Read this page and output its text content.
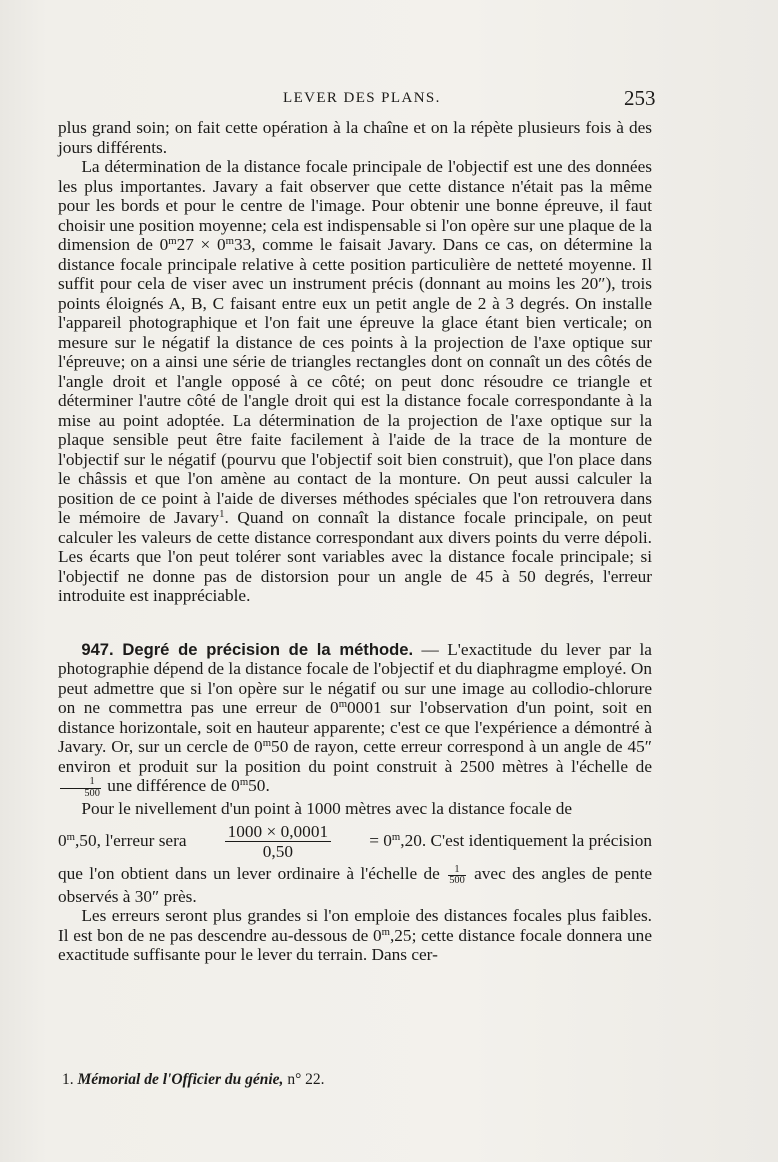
LEVER DES PLANS.	253

plus grand soin; on fait cette opération à la chaîne et on la répète plusieurs fois à des jours différents.

La détermination de la distance focale principale de l'objectif est une des données les plus importantes. Javary a fait observer que cette distance n'était pas la même pour les bords et pour le centre de l'image. Pour obtenir une bonne épreuve, il faut choisir une position moyenne; cela est indispensable si l'on opère sur une plaque de la dimension de $0^m27 \times 0^m33$, comme le faisait Javary. Dans ce cas, on détermine la distance focale principale relative à cette position particulière de netteté moyenne. Il suffit pour cela de viser avec un instrument précis (donnant au moins les 20″), trois points éloignés A, B, C faisant entre eux un petit angle de 2 à 3 degrés. On installe l'appareil photographique et l'on fait une épreuve la glace étant bien verticale; on mesure sur le négatif la distance de ces points à la projection de l'axe optique sur l'épreuve; on a ainsi une série de triangles rectangles dont on connaît un des côtés de l'angle droit et l'angle opposé à ce côté; on peut donc résoudre ce triangle et déterminer l'autre côté de l'angle droit qui est la distance focale correspondante à la mise au point adoptée. La détermination de la projection de l'axe optique sur la plaque sensible peut être faite facilement à l'aide de la trace de la monture de l'objectif sur le négatif (pourvu que l'objectif soit bien construit), que l'on place dans le châssis et que l'on amène au contact de la monture. On peut aussi calculer la position de ce point à l'aide de diverses méthodes spéciales que l'on retrouvera dans le mémoire de Javary$^1$. Quand on connaît la distance focale principale, on peut calculer les valeurs de cette distance correspondant aux divers points du verre dépoli. Les écarts que l'on peut tolérer sont variables avec la distance focale principale; si l'objectif ne donne pas de distorsion pour un angle de 45 à 50 degrés, l'erreur introduite est inappréciable.

947. Degré de précision de la méthode. — L'exactitude du lever par la photographie dépend de la distance focale de l'objectif et du diaphragme employé. On peut admettre que si l'on opère sur le négatif ou sur une image au collodio-chlorure on ne commettra pas une erreur de 0$^m$0001 sur l'observation d'un point, soit en distance horizontale, soit en hauteur apparente; c'est ce que l'expérience a démontré à Javary. Or, sur un cercle de 0$^m$50 de rayon, cette erreur correspond à un angle de 45″ environ et produit sur la position du point construit à 2500 mètres à l'échelle de
$\frac{1}{500}$ une différence de 0$^m$50.

Pour le nivellement d'un point à 1000 mètres avec la distance focale de

0$^m$,50, l'erreur sera $\frac{1000 \times 0,0001}{0,50} = 0^m,20$. C'est identiquement la précision

que l'on obtient dans un lever ordinaire à l'échelle de $\frac{1}{500}$ avec des angles de pente observés à 30″ près.

Les erreurs seront plus grandes si l'on emploie des distances focales plus faibles. Il est bon de ne pas descendre au-dessous de 0$^m$,25; cette distance focale donnera une exactitude suffisante pour le lever du terrain. Dans cer-

1. Mémorial de l'Officier du génie, n° 22.
